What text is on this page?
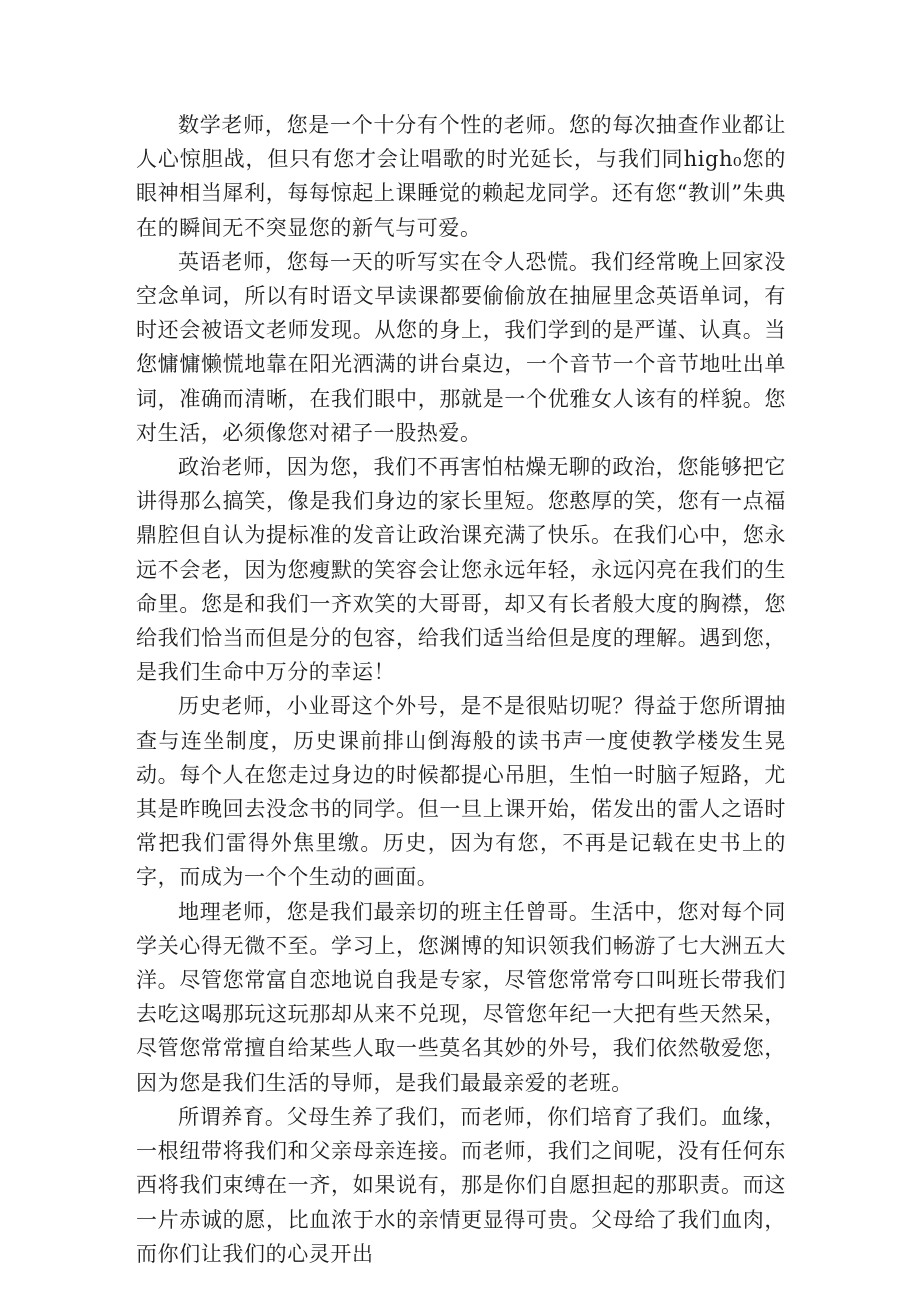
数学老师，您是一个十分有个性的老师。您的每次抽查作业都让人心惊胆战，但只有您才会让唱歌的时光延长，与我们同high₀您的眼神相当犀利，每每惊起上课睡觉的赖起龙同学。还有您“教训”朱典在的瞬间无不突显您的新气与可爱。

英语老师，您每一天的听写实在令人恐慌。我们经常晚上回家没空念单词，所以有时语文早读课都要偷偷放在抽屉里念英语单词，有时还会被语文老师发现。从您的身上，我们学到的是严谨、认真。当您慵慵懒慌地靠在阳光洒满的讲台桌边，一个音节一个音节地吐出单词，准确而清晰，在我们眼中，那就是一个优雅女人该有的样貌。您对生活，必须像您对裙子一股热爱。

政治老师，因为您，我们不再害怕枯燥无聊的政治，您能够把它讲得那么搞笑，像是我们身边的家长里短。您憨厚的笑，您有一点福鼎腔但自认为提标准的发音让政治课充满了快乐。在我们心中，您永远不会老，因为您瘦默的笑容会让您永远年轻，永远闪亮在我们的生命里。您是和我们一齐欢笑的大哥哥，却又有长者般大度的胸襟，您给我们恰当而但是分的包容，给我们适当给但是度的理解。遇到您，是我们生命中万分的幸运！

历史老师，小业哥这个外号，是不是很贴切呢？得益于您所谓抽查与连坐制度，历史课前排山倒海般的读书声一度使教学楼发生晃动。每个人在您走过身边的时候都提心吊胆，生怕一时脑子短路，尤其是昨晚回去没念书的同学。但一旦上课开始，偌发出的雷人之语时常把我们雷得外焦里缴。历史，因为有您，不再是记载在史书上的字，而成为一个个生动的画面。

地理老师，您是我们最亲切的班主任曾哥。生活中，您对每个同学关心得无微不至。学习上，您渊博的知识领我们畅游了七大洲五大洋。尽管您常富自恋地说自我是专家，尽管您常常夸口叫班长带我们去吃这喝那玩这玩那却从来不兑现，尽管您年纪一大把有些天然呆，尽管您常常擅自给某些人取一些莫名其妙的外号，我们依然敬爱您，因为您是我们生活的导师，是我们最最亲爱的老班。

所谓养育。父母生养了我们，而老师，你们培育了我们。血缘，一根纽带将我们和父亲母亲连接。而老师，我们之间呢，没有任何东西将我们束缚在一齐，如果说有，那是你们自愿担起的那职责。而这一片赤诚的愿，比血浓于水的亲情更显得可贵。父母给了我们血肉，而你们让我们的心灵开出
